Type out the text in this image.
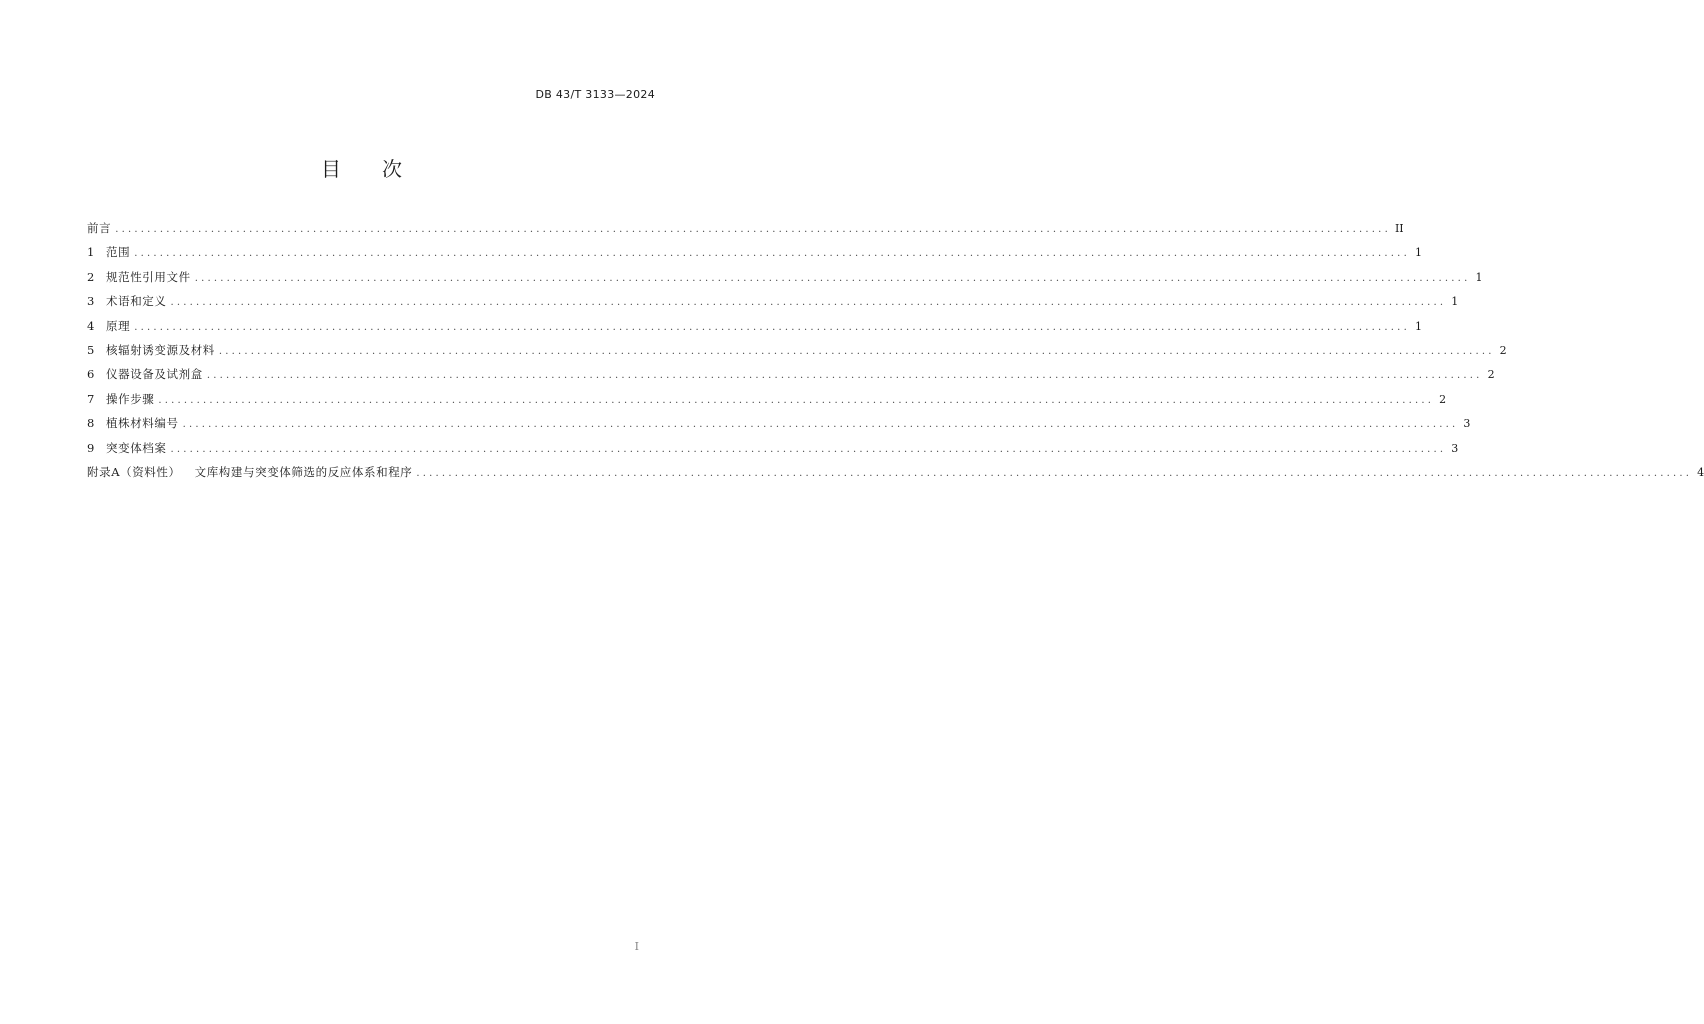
DB 43/T 3133—2024
目 次
前言 ........................................................................................................................................................................................................ II
1	范围 ........................................................................................................................................................................................................ 1
2	规范性引用文件 ........................................................................................................................................................................................................ 1
3	术语和定义 ........................................................................................................................................................................................................ 1
4	原理 ........................................................................................................................................................................................................ 1
5	核辐射诱变源及材料 ........................................................................................................................................................................................................ 2
6	仪器设备及试剂盒 ........................................................................................................................................................................................................ 2
7	操作步骤 ........................................................................................................................................................................................................ 2
8	植株材料编号 ........................................................................................................................................................................................................ 3
9	突变体档案 ........................................................................................................................................................................................................ 3
附录A（资料性） 文库构建与突变体筛选的反应体系和程序 ........................................................................................................................................................................................................ 4
I
